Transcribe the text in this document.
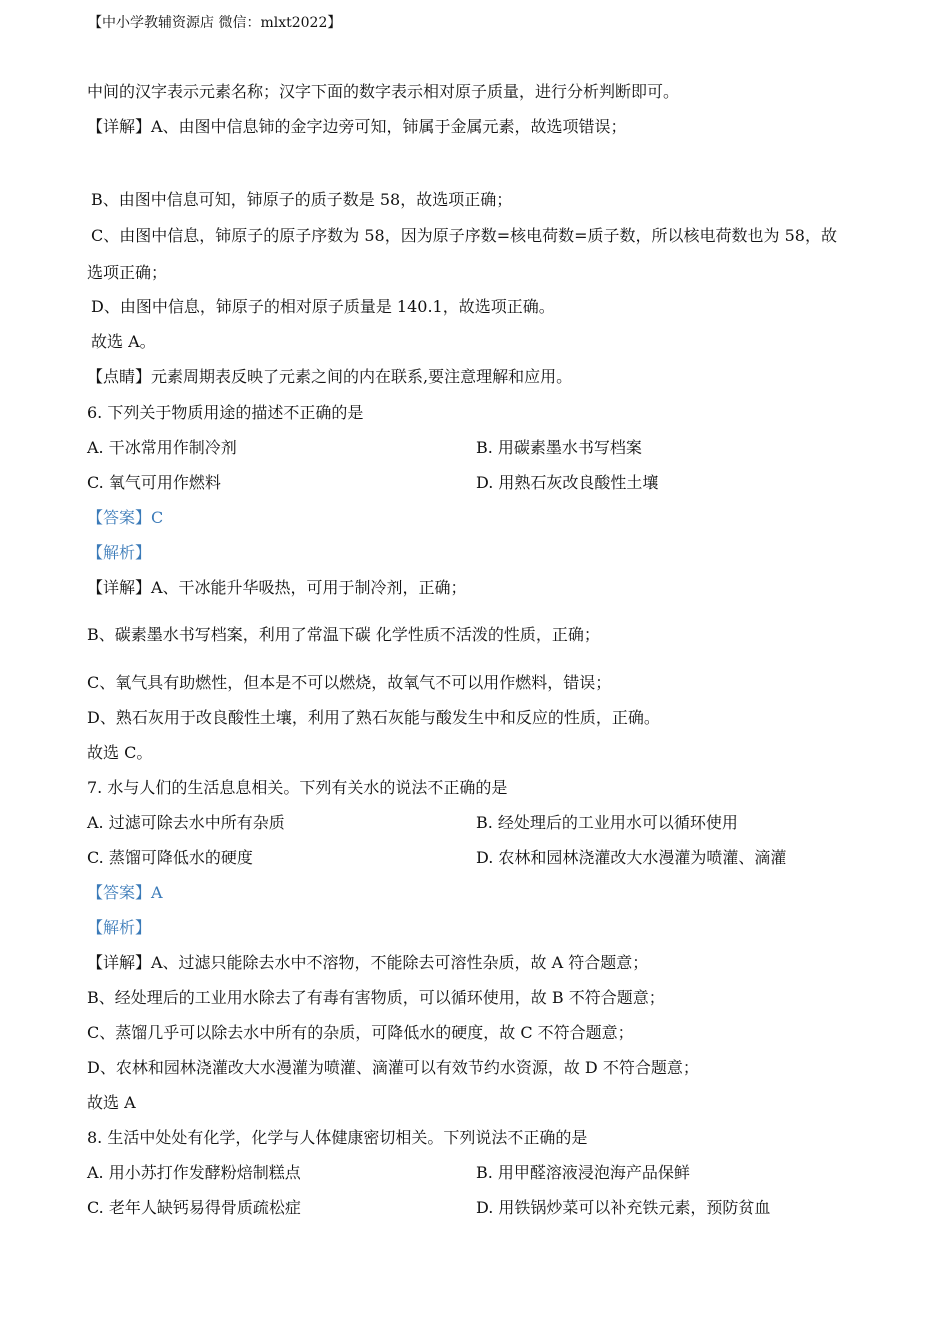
【中小学教辅资源店 微信：mlxt2022】
中间的汉字表示元素名称；汉字下面的数字表示相对原子质量，进行分析判断即可。
【详解】A、由图中信息铈的金字边旁可知，铈属于金属元素，故选项错误；
B、由图中信息可知，铈原子的质子数是 58，故选项正确；
C、由图中信息，铈原子的原子序数为 58，因为原子序数=核电荷数=质子数，所以核电荷数也为 58，故
选项正确；
D、由图中信息，铈原子的相对原子质量是 140.1，故选项正确。
故选 A。
【点睛】元素周期表反映了元素之间的内在联系,要注意理解和应用。
6. 下列关于物质用途的描述不正确的是
A. 干冰常用作制冷剂	B. 用碳素墨水书写档案
C. 氧气可用作燃料	D. 用熟石灰改良酸性土壤
【答案】C
【解析】
【详解】A、干冰能升华吸热，可用于制冷剂，正确；
B、碳素墨水书写档案，利用了常温下碳 化学性质不活泼的性质，正确；
C、氧气具有助燃性，但本是不可以燃烧，故氧气不可以用作燃料，错误；
D、熟石灰用于改良酸性土壤，利用了熟石灰能与酸发生中和反应的性质，正确。
故选 C。
7. 水与人们的生活息息相关。下列有关水的说法不正确的是
A. 过滤可除去水中所有杂质	B. 经处理后的工业用水可以循环使用
C. 蒸馏可降低水的硬度	D. 农林和园林浇灌改大水漫灌为喷灌、滴灌
【答案】A
【解析】
【详解】A、过滤只能除去水中不溶物，不能除去可溶性杂质，故 A 符合题意；
B、经处理后的工业用水除去了有毒有害物质，可以循环使用，故 B 不符合题意；
C、蒸馏几乎可以除去水中所有的杂质，可降低水的硬度，故 C 不符合题意；
D、农林和园林浇灌改大水漫灌为喷灌、滴灌可以有效节约水资源，故 D 不符合题意；
故选 A
8. 生活中处处有化学，化学与人体健康密切相关。下列说法不正确的是
A. 用小苏打作发酵粉焙制糕点	B. 用甲醛溶液浸泡海产品保鲜
C. 老年人缺钙易得骨质疏松症	D. 用铁锅炒菜可以补充铁元素，预防贫血
